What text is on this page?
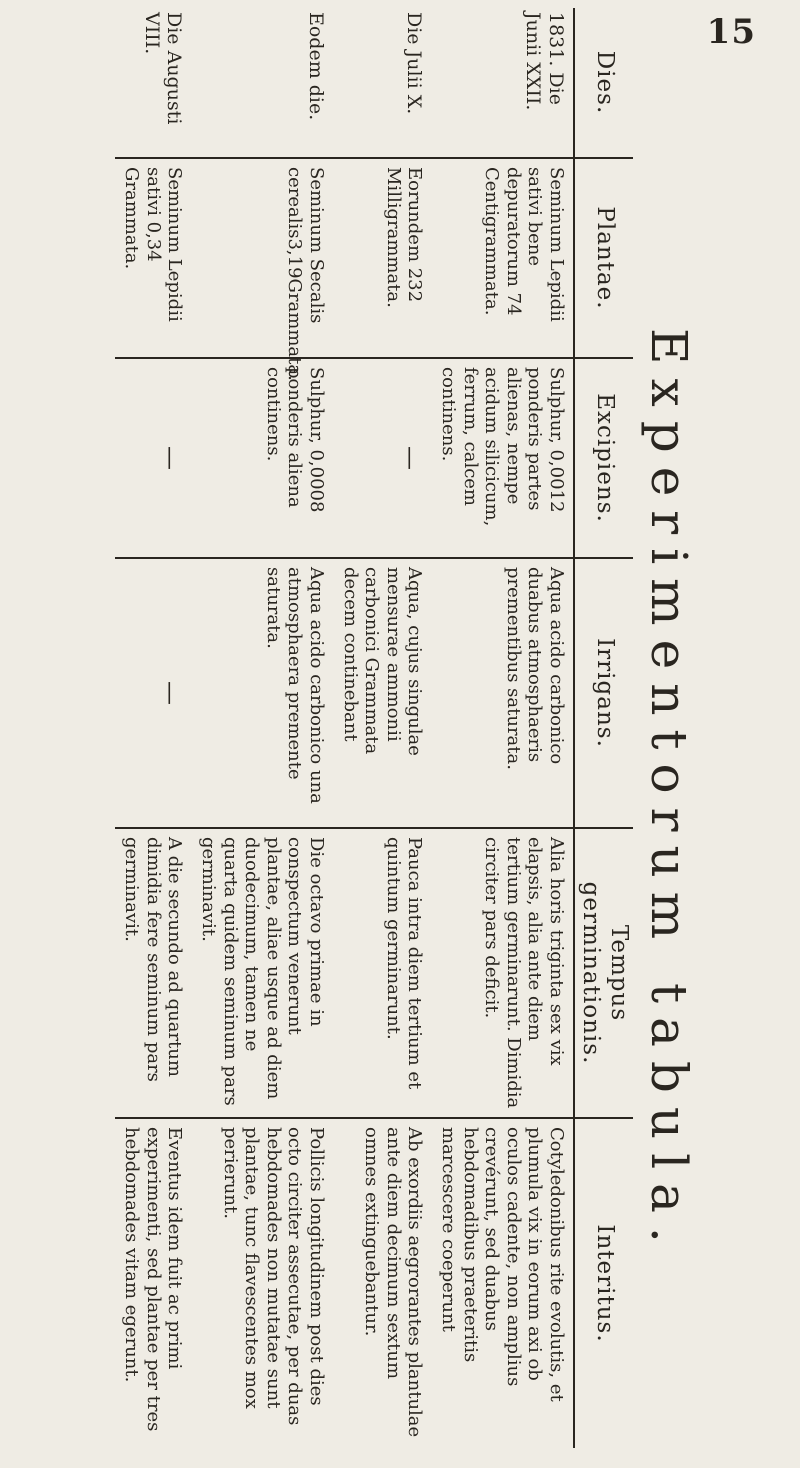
15
Experimentorum tabula.
Dies.	Plantae.	Excipiens.	Irrigans.	Tempus germinationis.	Interitus.
1831. Die Junii XXII.	Seminum Lepidii sativi bene depuratorum 74 Centigrammata.	Sulphur, 0,0012 ponderis partes alienas, nempe acidum silicicum, ferrum, calcem continens.	Aqua acido carbonico duabus atmosphaeris prementibus saturata.	Alia horis triginta sex vix elapsis, alia ante diem tertium germinarunt. Dimidia circiter pars deficit.	Cotyledonibus rite evolutis, et plumula vix in eorum axi ob oculos cadente, non amplius crevérunt, sed duabus hebdomadibus praeteritis marcescere coeperunt
Die Julii X.	Eorundem 232 Milligrammata.	—	Aqua, cujus singulae mensurae ammonii carbonici Grammata decem continebant	Pauca intra diem tertium et quintum germinarunt.	Ab exordiis aegrorantes plantulae ante diem decimum sextum omnes extinguebantur.
Eodem die.	Seminum Secalis cerealis3,19Grammata.	Sulphur, 0,0008 ponderis aliena continens.	Aqua acido carbonico una atmosphaera premente saturata.	Die octavo primae in conspectum venerunt plantae, aliae usque ad diem duodecimum, tamen ne quarta quidem seminum pars germinavit.	Pollicis longitudinem post dies octo circiter assecutae, per duas hebdomades non mutatae sunt plantae, tunc flavescentes mox perierunt.
Die Augusti VIII.	Seminum Lepidii sativi 0,34 Grammata.	—	—	A die secundo ad quartum dimidia fere seminum pars germinavit.	Eventus idem fuit ac primi experimenti, sed plantae per tres hebdomades vitam egerunt.
